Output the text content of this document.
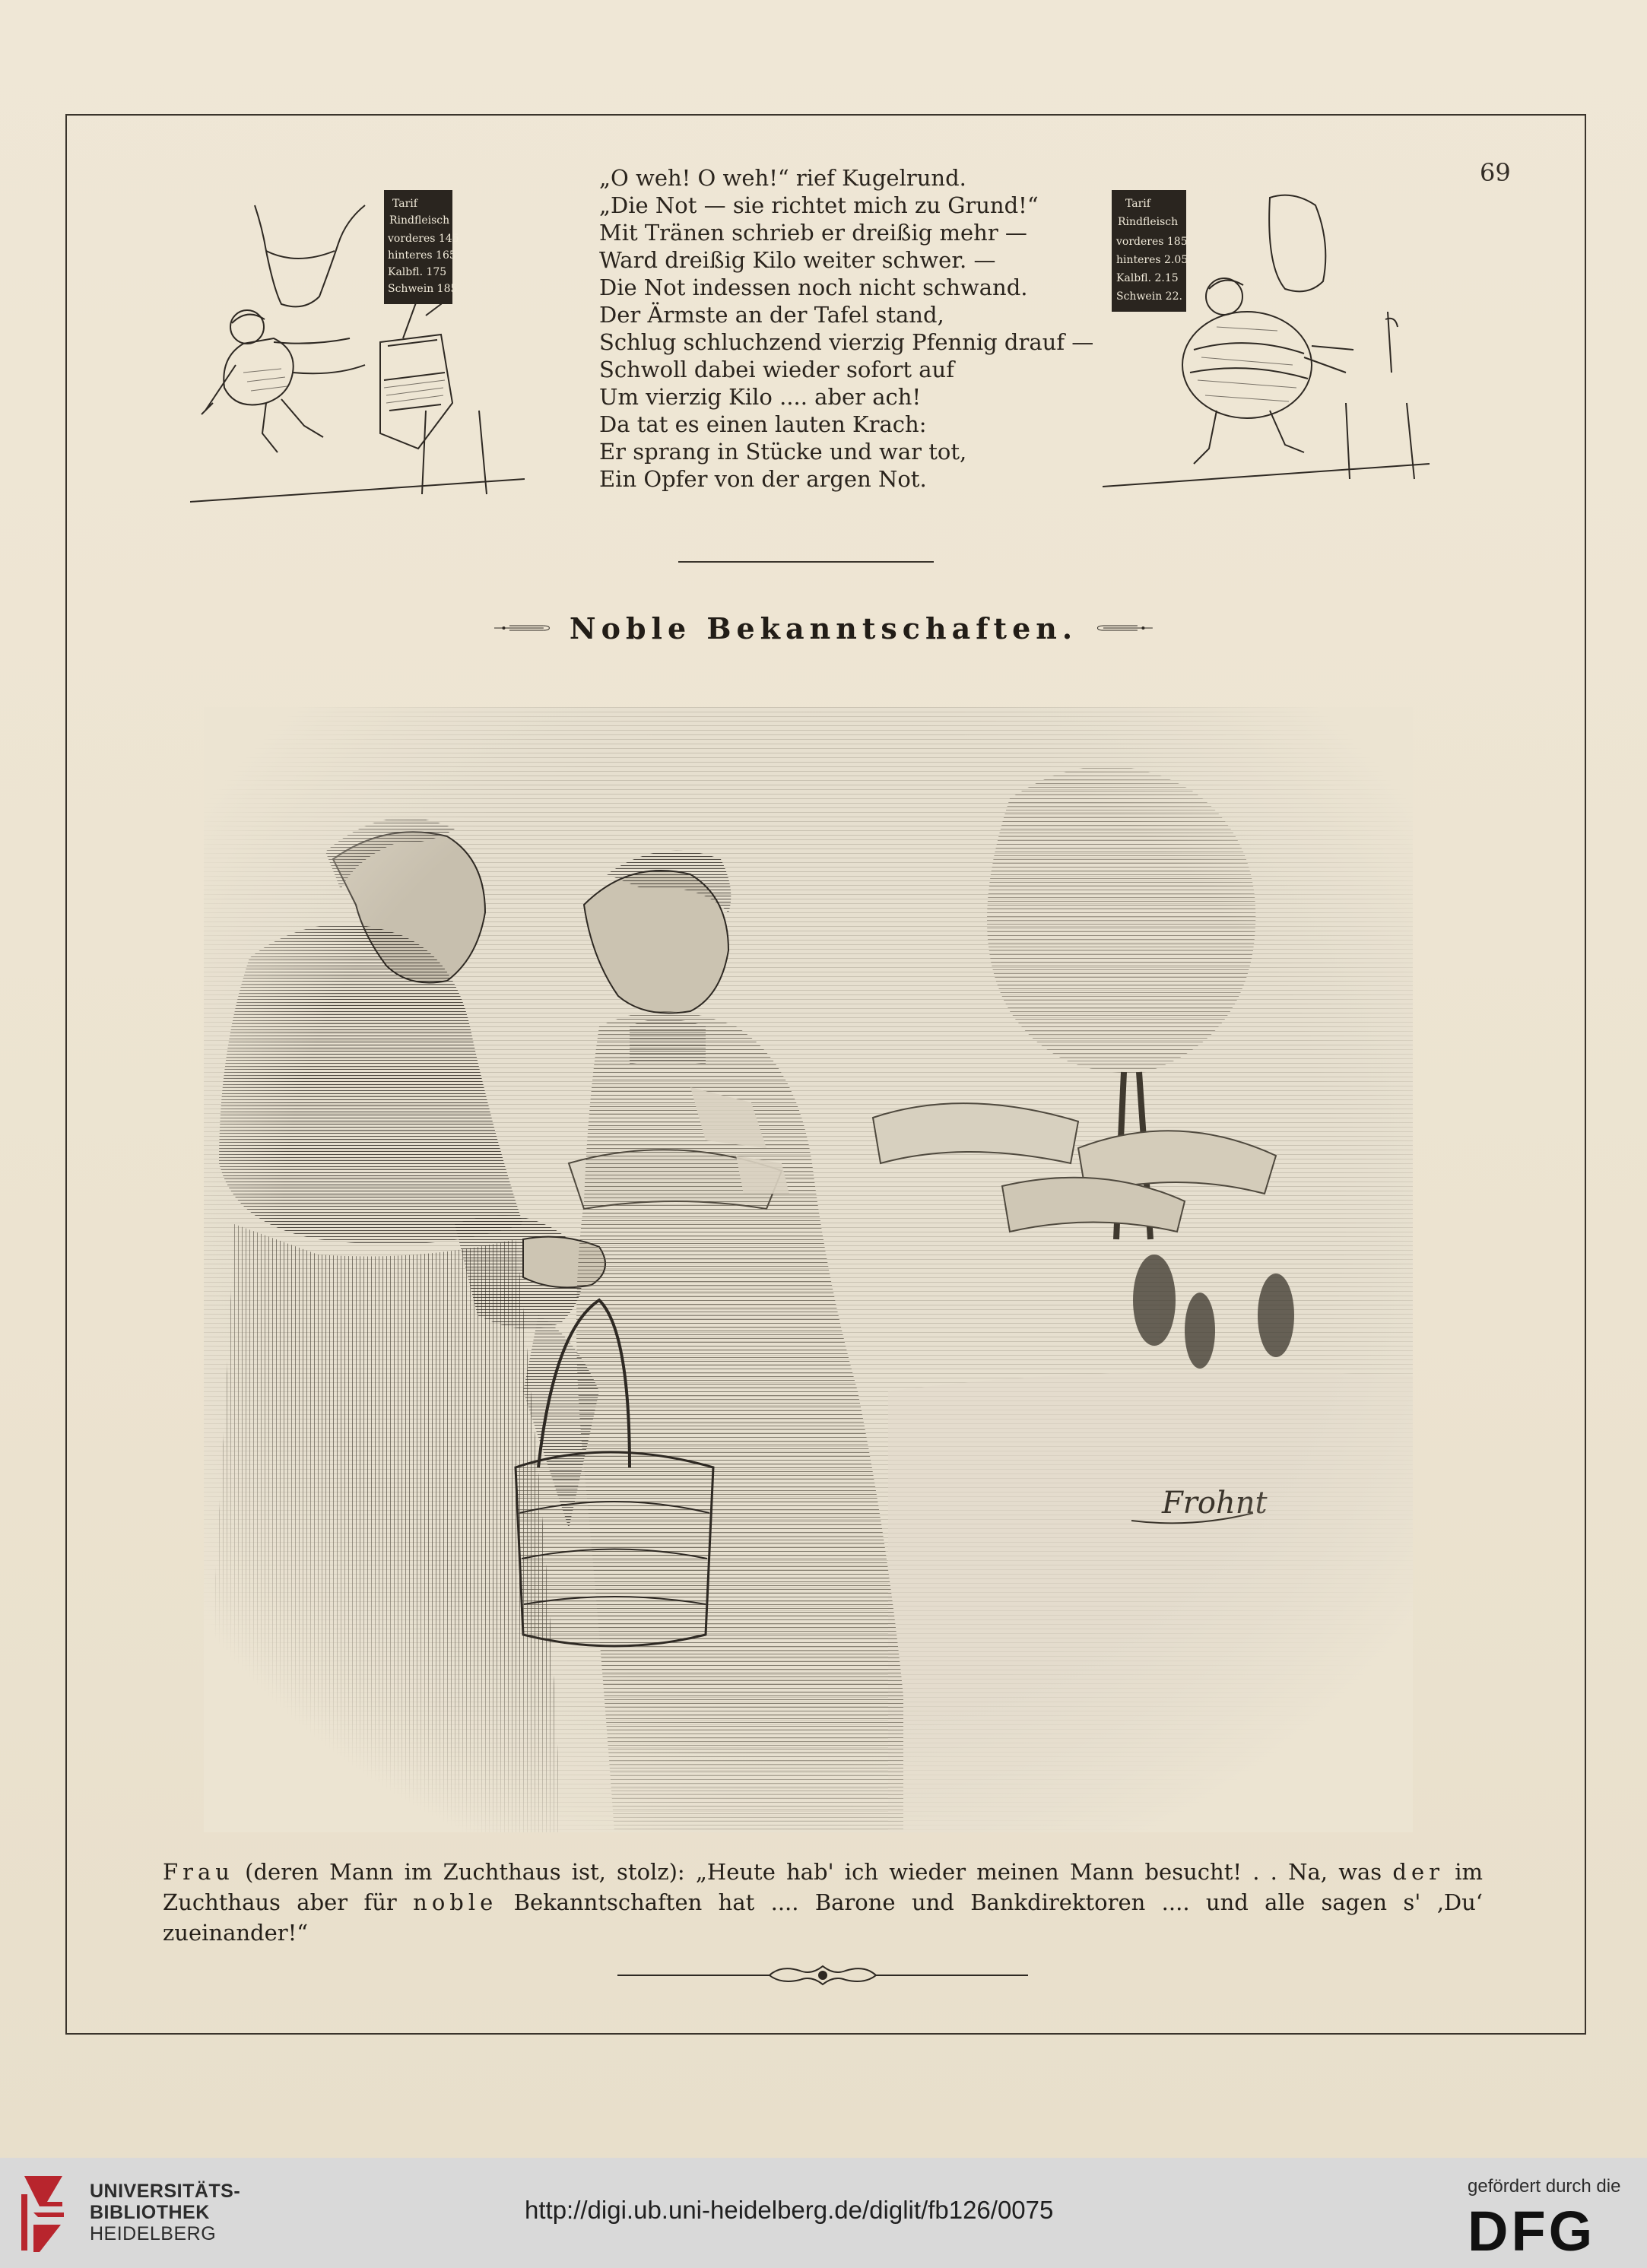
69
Tarif
Rindfleisch
vorderes 145
hinteres 165
Kalbfl. 175
Schwein 185
„O weh! O weh!“ rief Kugelrund.
„Die Not — sie richtet mich zu Grund!“
Mit Tränen schrieb er dreißig mehr —
Ward dreißig Kilo weiter schwer. —
Die Not indessen noch nicht schwand.
Der Ärmste an der Tafel stand,
Schlug schluchzend vierzig Pfennig drauf —
Schwoll dabei wieder sofort auf
Um vierzig Kilo .... aber ach!
Da tat es einen lauten Krach:
Er sprang in Stücke und war tot,
Ein Opfer von der argen Not.
Tarif
Rindfleisch
vorderes 185
hinteres 2.05
Kalbfl. 2.15
Schwein 22.
Noble Bekanntschaften.
Frau (deren Mann im Zuchthaus ist, stolz): „Heute hab' ich wieder meinen Mann besucht! . . Na, was der im Zuchthaus aber für noble Bekanntschaften hat .... Barone und Bankdirektoren .... und alle sagen s' ‚Du‘ zueinander!“
UNIVERSITÄTS-
BIBLIOTHEK
HEIDELBERG
http://digi.ub.uni-heidelberg.de/diglit/fb126/0075
gefördert durch die
DFG
